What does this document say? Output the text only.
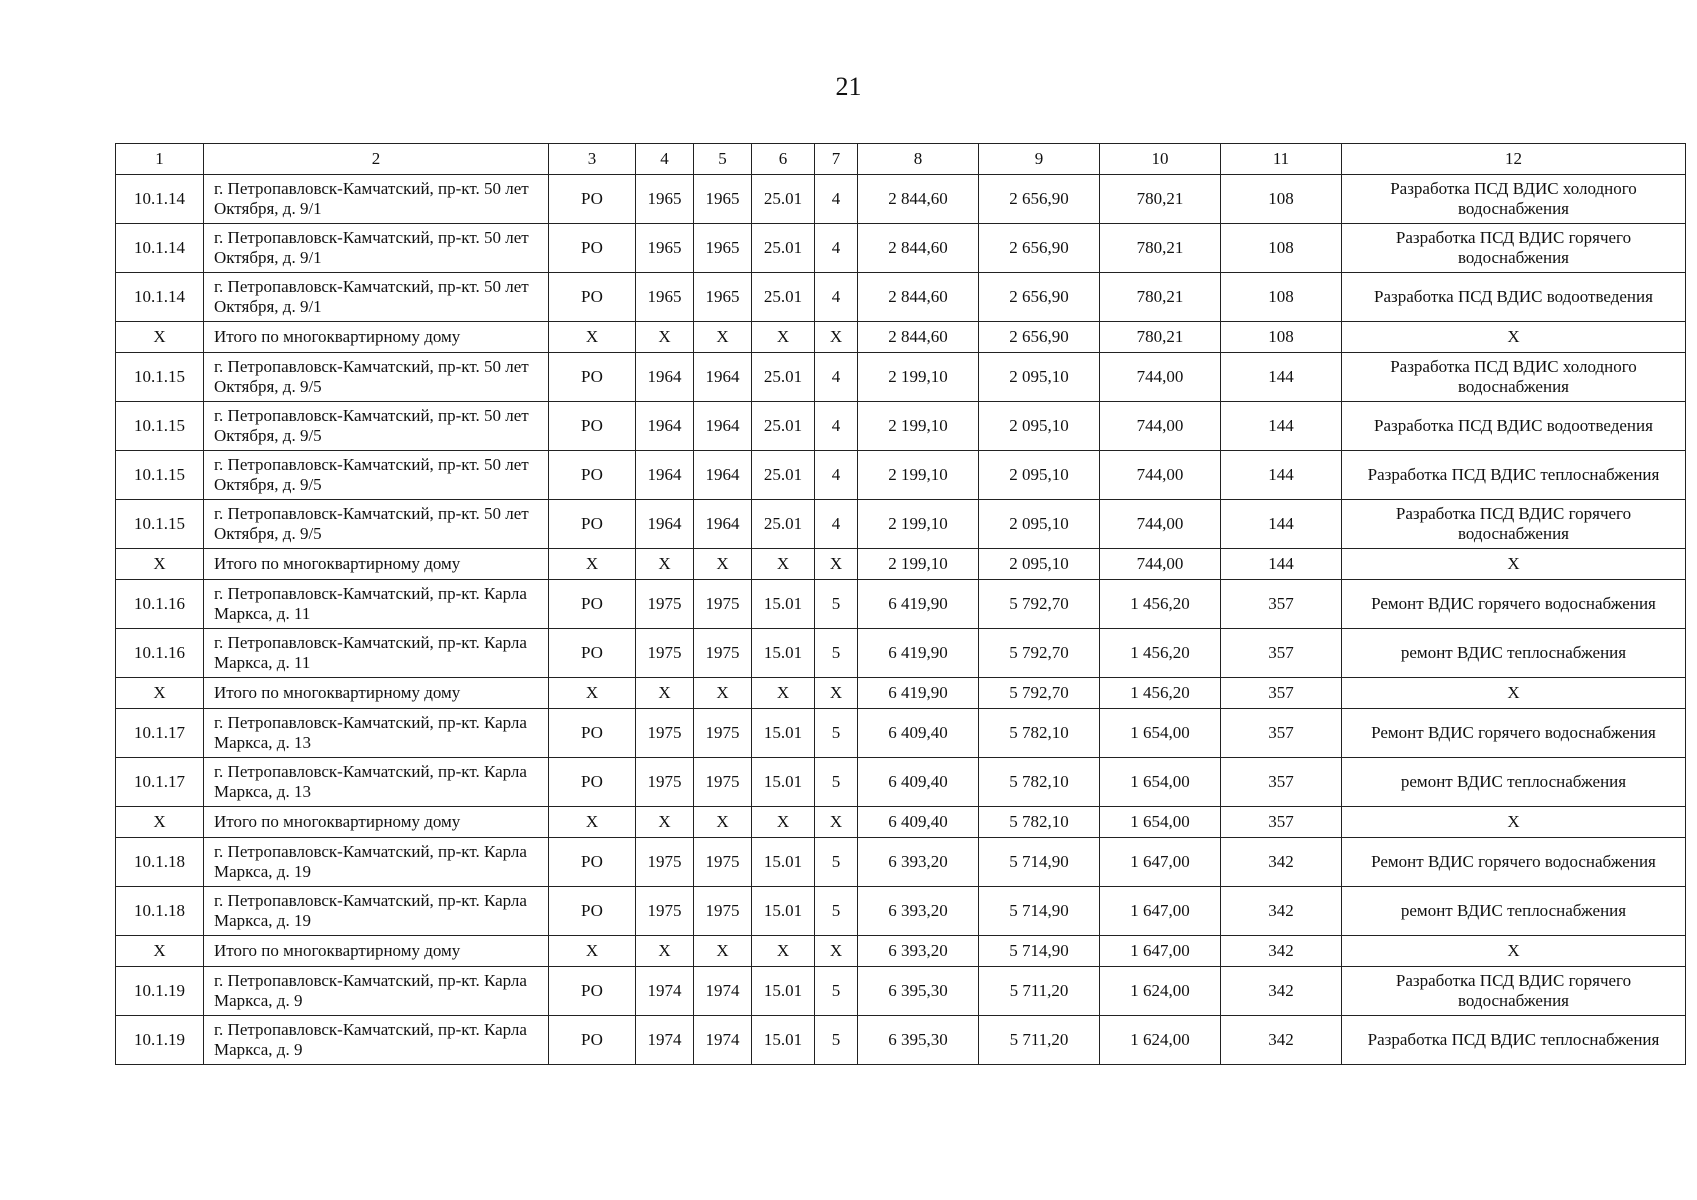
21
1	2	3	4	5	6	7	8	9	10	11	12
10.1.14	г. Петропавловск-Камчатский, пр-кт. 50 лет Октября, д. 9/1	РО	1965	1965	25.01	4	2 844,60	2 656,90	780,21	108	Разработка ПСД ВДИС холодного водоснабжения
10.1.14	г. Петропавловск-Камчатский, пр-кт. 50 лет Октября, д. 9/1	РО	1965	1965	25.01	4	2 844,60	2 656,90	780,21	108	Разработка ПСД ВДИС горячего водоснабжения
10.1.14	г. Петропавловск-Камчатский, пр-кт. 50 лет Октября, д. 9/1	РО	1965	1965	25.01	4	2 844,60	2 656,90	780,21	108	Разработка ПСД ВДИС водоотведения
Х	Итого по многоквартирному дому	Х	Х	Х	Х	Х	2 844,60	2 656,90	780,21	108	Х
10.1.15	г. Петропавловск-Камчатский, пр-кт. 50 лет Октября, д. 9/5	РО	1964	1964	25.01	4	2 199,10	2 095,10	744,00	144	Разработка ПСД ВДИС холодного водоснабжения
10.1.15	г. Петропавловск-Камчатский, пр-кт. 50 лет Октября, д. 9/5	РО	1964	1964	25.01	4	2 199,10	2 095,10	744,00	144	Разработка ПСД ВДИС водоотведения
10.1.15	г. Петропавловск-Камчатский, пр-кт. 50 лет Октября, д. 9/5	РО	1964	1964	25.01	4	2 199,10	2 095,10	744,00	144	Разработка ПСД ВДИС теплоснабжения
10.1.15	г. Петропавловск-Камчатский, пр-кт. 50 лет Октября, д. 9/5	РО	1964	1964	25.01	4	2 199,10	2 095,10	744,00	144	Разработка ПСД ВДИС горячего водоснабжения
Х	Итого по многоквартирному дому	Х	Х	Х	Х	Х	2 199,10	2 095,10	744,00	144	Х
10.1.16	г. Петропавловск-Камчатский, пр-кт. Карла Маркса, д. 11	РО	1975	1975	15.01	5	6 419,90	5 792,70	1 456,20	357	Ремонт ВДИС горячего водоснабжения
10.1.16	г. Петропавловск-Камчатский, пр-кт. Карла Маркса, д. 11	РО	1975	1975	15.01	5	6 419,90	5 792,70	1 456,20	357	ремонт ВДИС теплоснабжения
Х	Итого по многоквартирному дому	Х	Х	Х	Х	Х	6 419,90	5 792,70	1 456,20	357	Х
10.1.17	г. Петропавловск-Камчатский, пр-кт. Карла Маркса, д. 13	РО	1975	1975	15.01	5	6 409,40	5 782,10	1 654,00	357	Ремонт ВДИС горячего водоснабжения
10.1.17	г. Петропавловск-Камчатский, пр-кт. Карла Маркса, д. 13	РО	1975	1975	15.01	5	6 409,40	5 782,10	1 654,00	357	ремонт ВДИС теплоснабжения
Х	Итого по многоквартирному дому	Х	Х	Х	Х	Х	6 409,40	5 782,10	1 654,00	357	Х
10.1.18	г. Петропавловск-Камчатский, пр-кт. Карла Маркса, д. 19	РО	1975	1975	15.01	5	6 393,20	5 714,90	1 647,00	342	Ремонт ВДИС горячего водоснабжения
10.1.18	г. Петропавловск-Камчатский, пр-кт. Карла Маркса, д. 19	РО	1975	1975	15.01	5	6 393,20	5 714,90	1 647,00	342	ремонт ВДИС теплоснабжения
Х	Итого по многоквартирному дому	Х	Х	Х	Х	Х	6 393,20	5 714,90	1 647,00	342	Х
10.1.19	г. Петропавловск-Камчатский, пр-кт. Карла Маркса, д. 9	РО	1974	1974	15.01	5	6 395,30	5 711,20	1 624,00	342	Разработка ПСД ВДИС горячего водоснабжения
10.1.19	г. Петропавловск-Камчатский, пр-кт. Карла Маркса, д. 9	РО	1974	1974	15.01	5	6 395,30	5 711,20	1 624,00	342	Разработка ПСД ВДИС теплоснабжения
